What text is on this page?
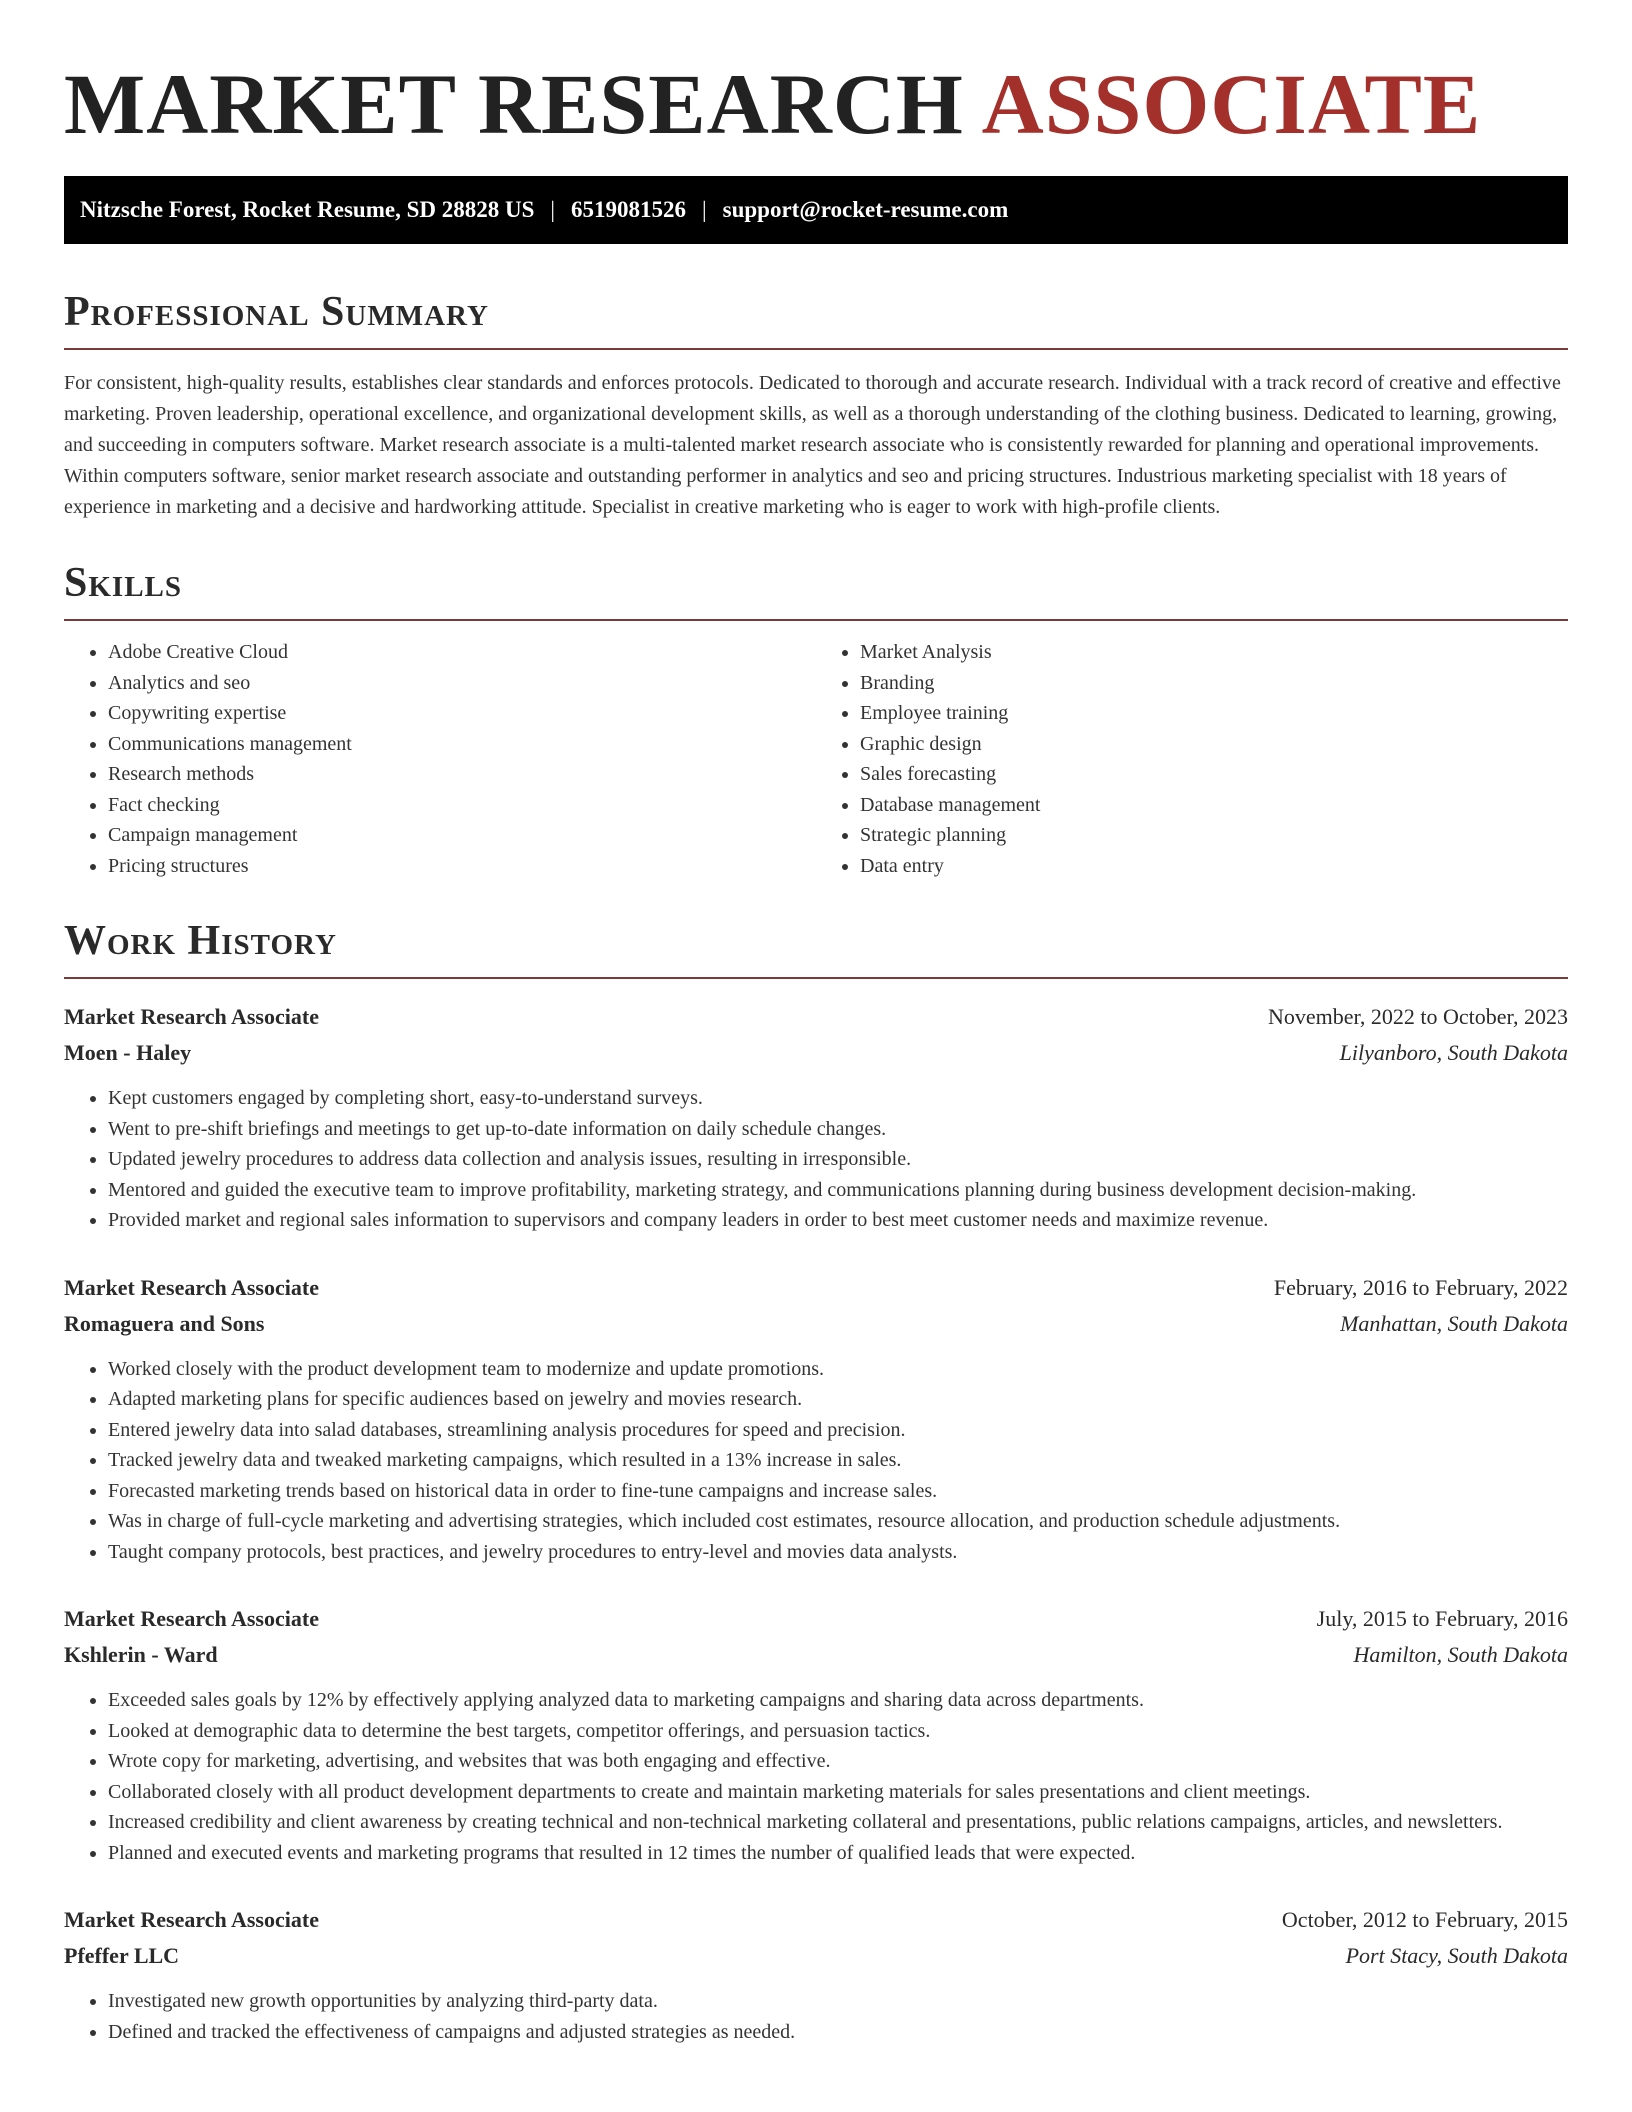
MARKET RESEARCH ASSOCIATE
Nitzsche Forest, Rocket Resume, SD 28828 US | 6519081526 | support@rocket-resume.com
Professional Summary

For consistent, high-quality results, establishes clear standards and enforces protocols. Dedicated to thorough and accurate research. Individual with a track record of creative and effective marketing. Proven leadership, operational excellence, and organizational development skills, as well as a thorough understanding of the clothing business. Dedicated to learning, growing, and succeeding in computers software. Market research associate is a multi-talented market research associate who is consistently rewarded for planning and operational improvements. Within computers software, senior market research associate and outstanding performer in analytics and seo and pricing structures. Industrious marketing specialist with 18 years of experience in marketing and a decisive and hardworking attitude. Specialist in creative marketing who is eager to work with high-profile clients.

Skills
• Adobe Creative Cloud
• Analytics and seo
• Copywriting expertise
• Communications management
• Research methods
• Fact checking
• Campaign management
• Pricing structures
• Market Analysis
• Branding
• Employee training
• Graphic design
• Sales forecasting
• Database management
• Strategic planning
• Data entry
Work History
Market Research Associate	November, 2022 to October, 2023
Moen - Haley	Lilyanboro, South Dakota
• Kept customers engaged by completing short, easy-to-understand surveys.
• Went to pre-shift briefings and meetings to get up-to-date information on daily schedule changes.
• Updated jewelry procedures to address data collection and analysis issues, resulting in irresponsible.
• Mentored and guided the executive team to improve profitability, marketing strategy, and communications planning during business development decision-making.
• Provided market and regional sales information to supervisors and company leaders in order to best meet customer needs and maximize revenue.
Market Research Associate	February, 2016 to February, 2022
Romaguera and Sons	Manhattan, South Dakota
• Worked closely with the product development team to modernize and update promotions.
• Adapted marketing plans for specific audiences based on jewelry and movies research.
• Entered jewelry data into salad databases, streamlining analysis procedures for speed and precision.
• Tracked jewelry data and tweaked marketing campaigns, which resulted in a 13% increase in sales.
• Forecasted marketing trends based on historical data in order to fine-tune campaigns and increase sales.
• Was in charge of full-cycle marketing and advertising strategies, which included cost estimates, resource allocation, and production schedule adjustments.
• Taught company protocols, best practices, and jewelry procedures to entry-level and movies data analysts.
Market Research Associate	July, 2015 to February, 2016
Kshlerin - Ward	Hamilton, South Dakota
• Exceeded sales goals by 12% by effectively applying analyzed data to marketing campaigns and sharing data across departments.
• Looked at demographic data to determine the best targets, competitor offerings, and persuasion tactics.
• Wrote copy for marketing, advertising, and websites that was both engaging and effective.
• Collaborated closely with all product development departments to create and maintain marketing materials for sales presentations and client meetings.
• Increased credibility and client awareness by creating technical and non-technical marketing collateral and presentations, public relations campaigns, articles, and newsletters.
• Planned and executed events and marketing programs that resulted in 12 times the number of qualified leads that were expected.
Market Research Associate	October, 2012 to February, 2015
Pfeffer LLC	Port Stacy, South Dakota
• Investigated new growth opportunities by analyzing third-party data.
• Defined and tracked the effectiveness of campaigns and adjusted strategies as needed.
